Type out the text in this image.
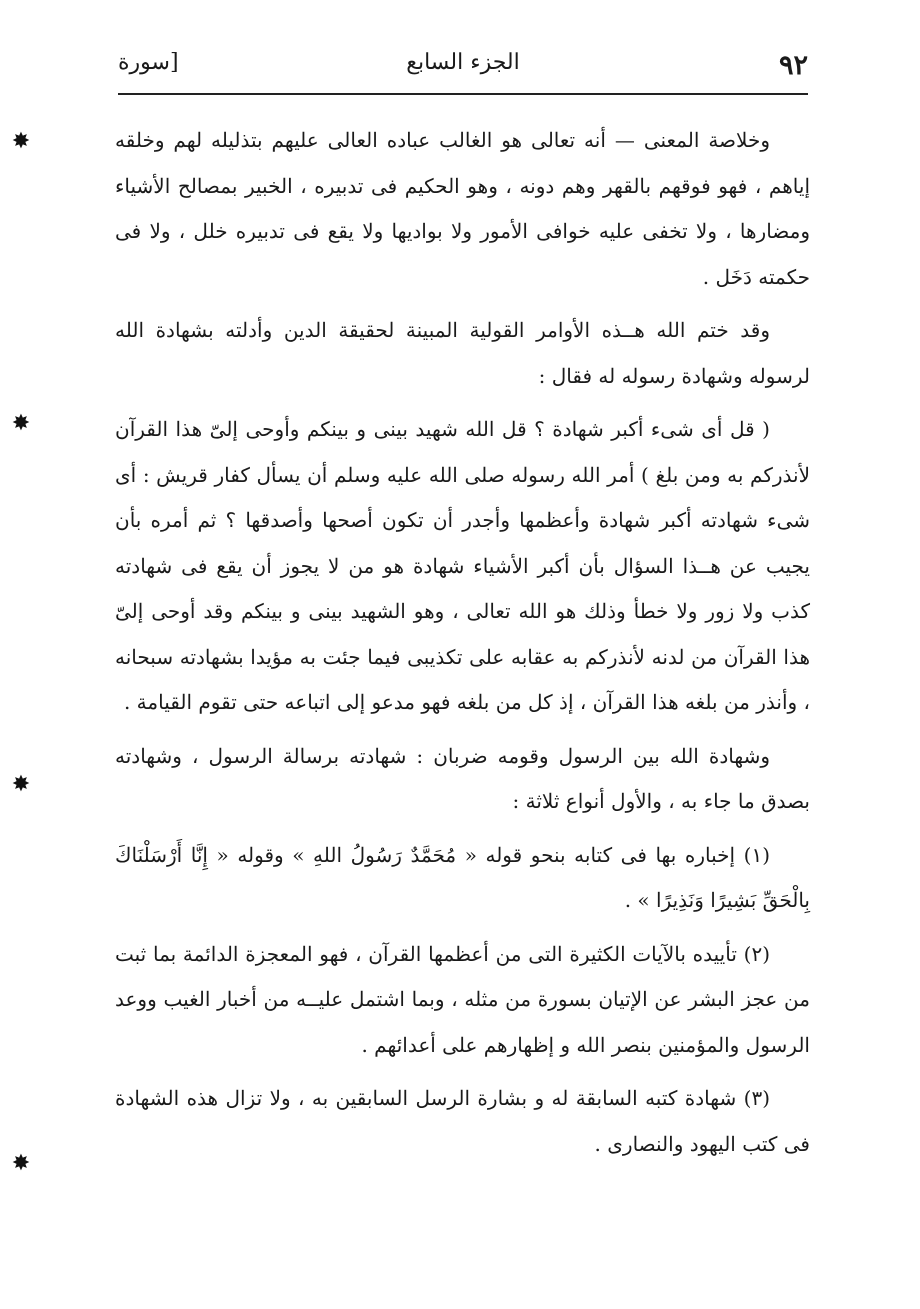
٩٢
الجزء السابع
[سورة

وخلاصة المعنى — أنه تعالى هو الغالب عباده العالى عليهم بتذليله لهم وخلقه إياهم ، فهو فوقهم بالقهر وهم دونه ، وهو الحكيم فى تدبيره ، الخبير بمصالح الأشياء ومضارها ، ولا تخفى عليه خوافى الأمور ولا بواديها ولا يقع فى تدبيره خلل ، ولا فى حكمته دَخَل .

وقد ختم الله هــذه الأوامر القولية المبينة لحقيقة الدين وأدلته بشهادة الله لرسوله وشهادة رسوله له فقال :

( قل أى شىء أكبر شهادة ؟ قل الله شهيد بينى و بينكم وأوحى إلىّ هذا القرآن لأنذركم به ومن بلغ ) أمر الله رسوله صلى الله عليه وسلم أن يسأل كفار قريش : أى شىء شهادته أكبر شهادة وأعظمها وأجدر أن تكون أصحها وأصدقها ؟ ثم أمره بأن يجيب عن هــذا السؤال بأن أكبر الأشياء شهادة هو من لا يجوز أن يقع فى شهادته كذب ولا زور ولا خطأ وذلك هو الله تعالى ، وهو الشهيد بينى و بينكم وقد أوحى إلىّ هذا القرآن من لدنه لأنذركم به عقابه على تكذيبى فيما جئت به مؤيدا بشهادته سبحانه ، وأنذر من بلغه هذا القرآن ، إذ كل من بلغه فهو مدعو إلى اتباعه حتى تقوم القيامة .

وشهادة الله بين الرسول وقومه ضربان : شهادته برسالة الرسول ، وشهادته بصدق ما جاء به ، والأول أنواع ثلاثة :

(١) إخباره بها فى كتابه بنحو قوله « مُحَمَّدٌ رَسُولُ اللهِ » وقوله « إِنَّا أَرْسَلْنَاكَ بِالْحَقِّ بَشِيرًا وَنَذِيرًا » .

(٢) تأييده بالآيات الكثيرة التى من أعظمها القرآن ، فهو المعجزة الدائمة بما ثبت من عجز البشر عن الإتيان بسورة من مثله ، وبما اشتمل عليــه من أخبار الغيب ووعد الرسول والمؤمنين بنصر الله و إظهارهم على أعدائهم .

(٣) شهادة كتبه السابقة له و بشارة الرسل السابقين به ، ولا تزال هذه الشهادة فى كتب اليهود والنصارى .

✸
✸
✸
✸
